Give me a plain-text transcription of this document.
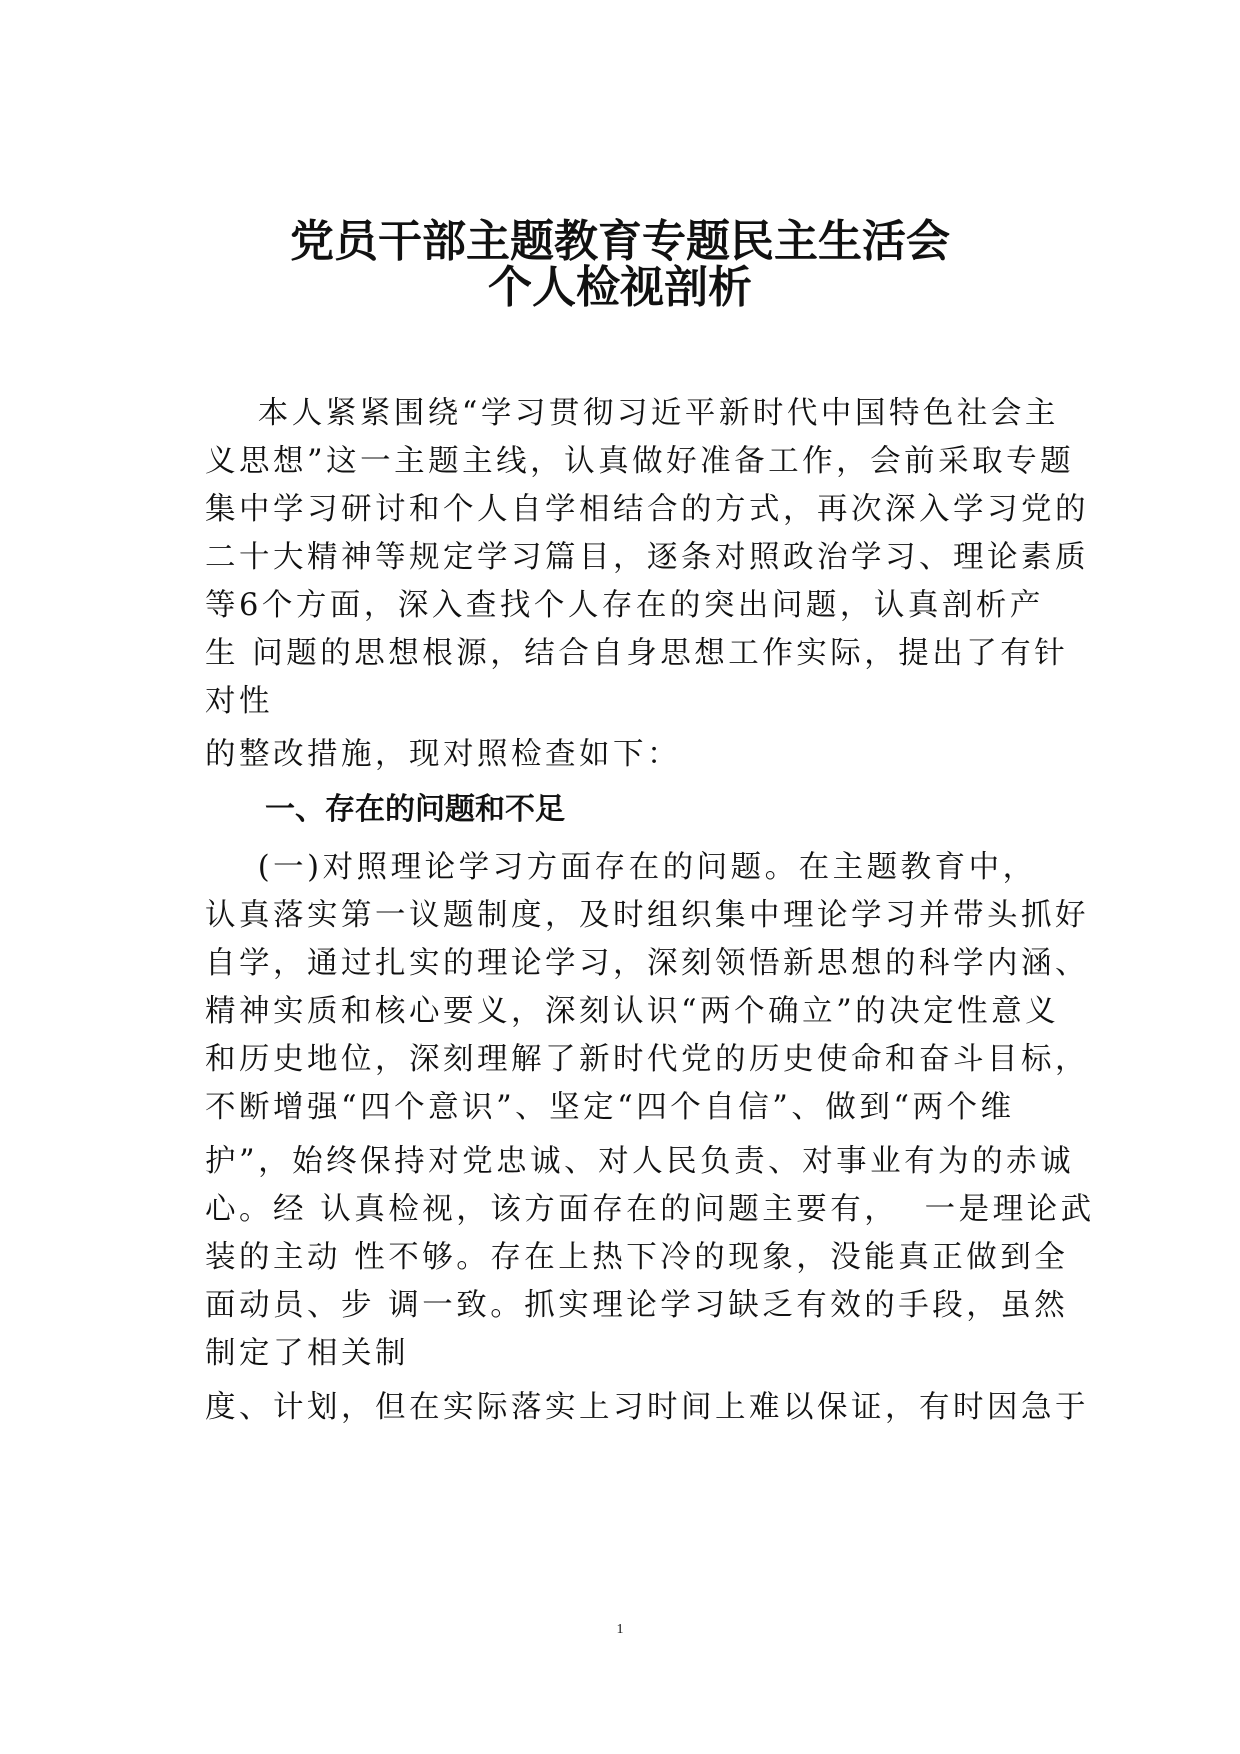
党员干部主题教育专题民主生活会
个人检视剖析
本人紧紧围绕“学习贯彻习近平新时代中国特色社会主
义思想”这一主题主线，认真做好准备工作，会前采取专题
集中学习研讨和个人自学相结合的方式，再次深入学习党的
二十大精神等规定学习篇目，逐条对照政治学习、理论素质
等6个方面，深入查找个人存在的突出问题，认真剖析产
生 问题的思想根源，结合自身思想工作实际，提出了有针
对性
的整改措施，现对照检查如下：
一、存在的问题和不足
(一)对照理论学习方面存在的问题。在主题教育中，
认真落实第一议题制度，及时组织集中理论学习并带头抓好
自学，通过扎实的理论学习，深刻领悟新思想的科学内涵、
精神实质和核心要义，深刻认识“两个确立”的决定性意义
和历史地位，深刻理解了新时代党的历史使命和奋斗目标，
不断增强“四个意识”、坚定“四个自信”、做到“两个维
护”，始终保持对党忠诚、对人民负责、对事业有为的赤诚
心。经 认真检视，该方面存在的问题主要有，  一是理论武
装的主动 性不够。存在上热下冷的现象，没能真正做到全
面动员、步 调一致。抓实理论学习缺乏有效的手段，虽然
制定了相关制
度、计划，但在实际落实上习时间上难以保证，有时因急于
1
